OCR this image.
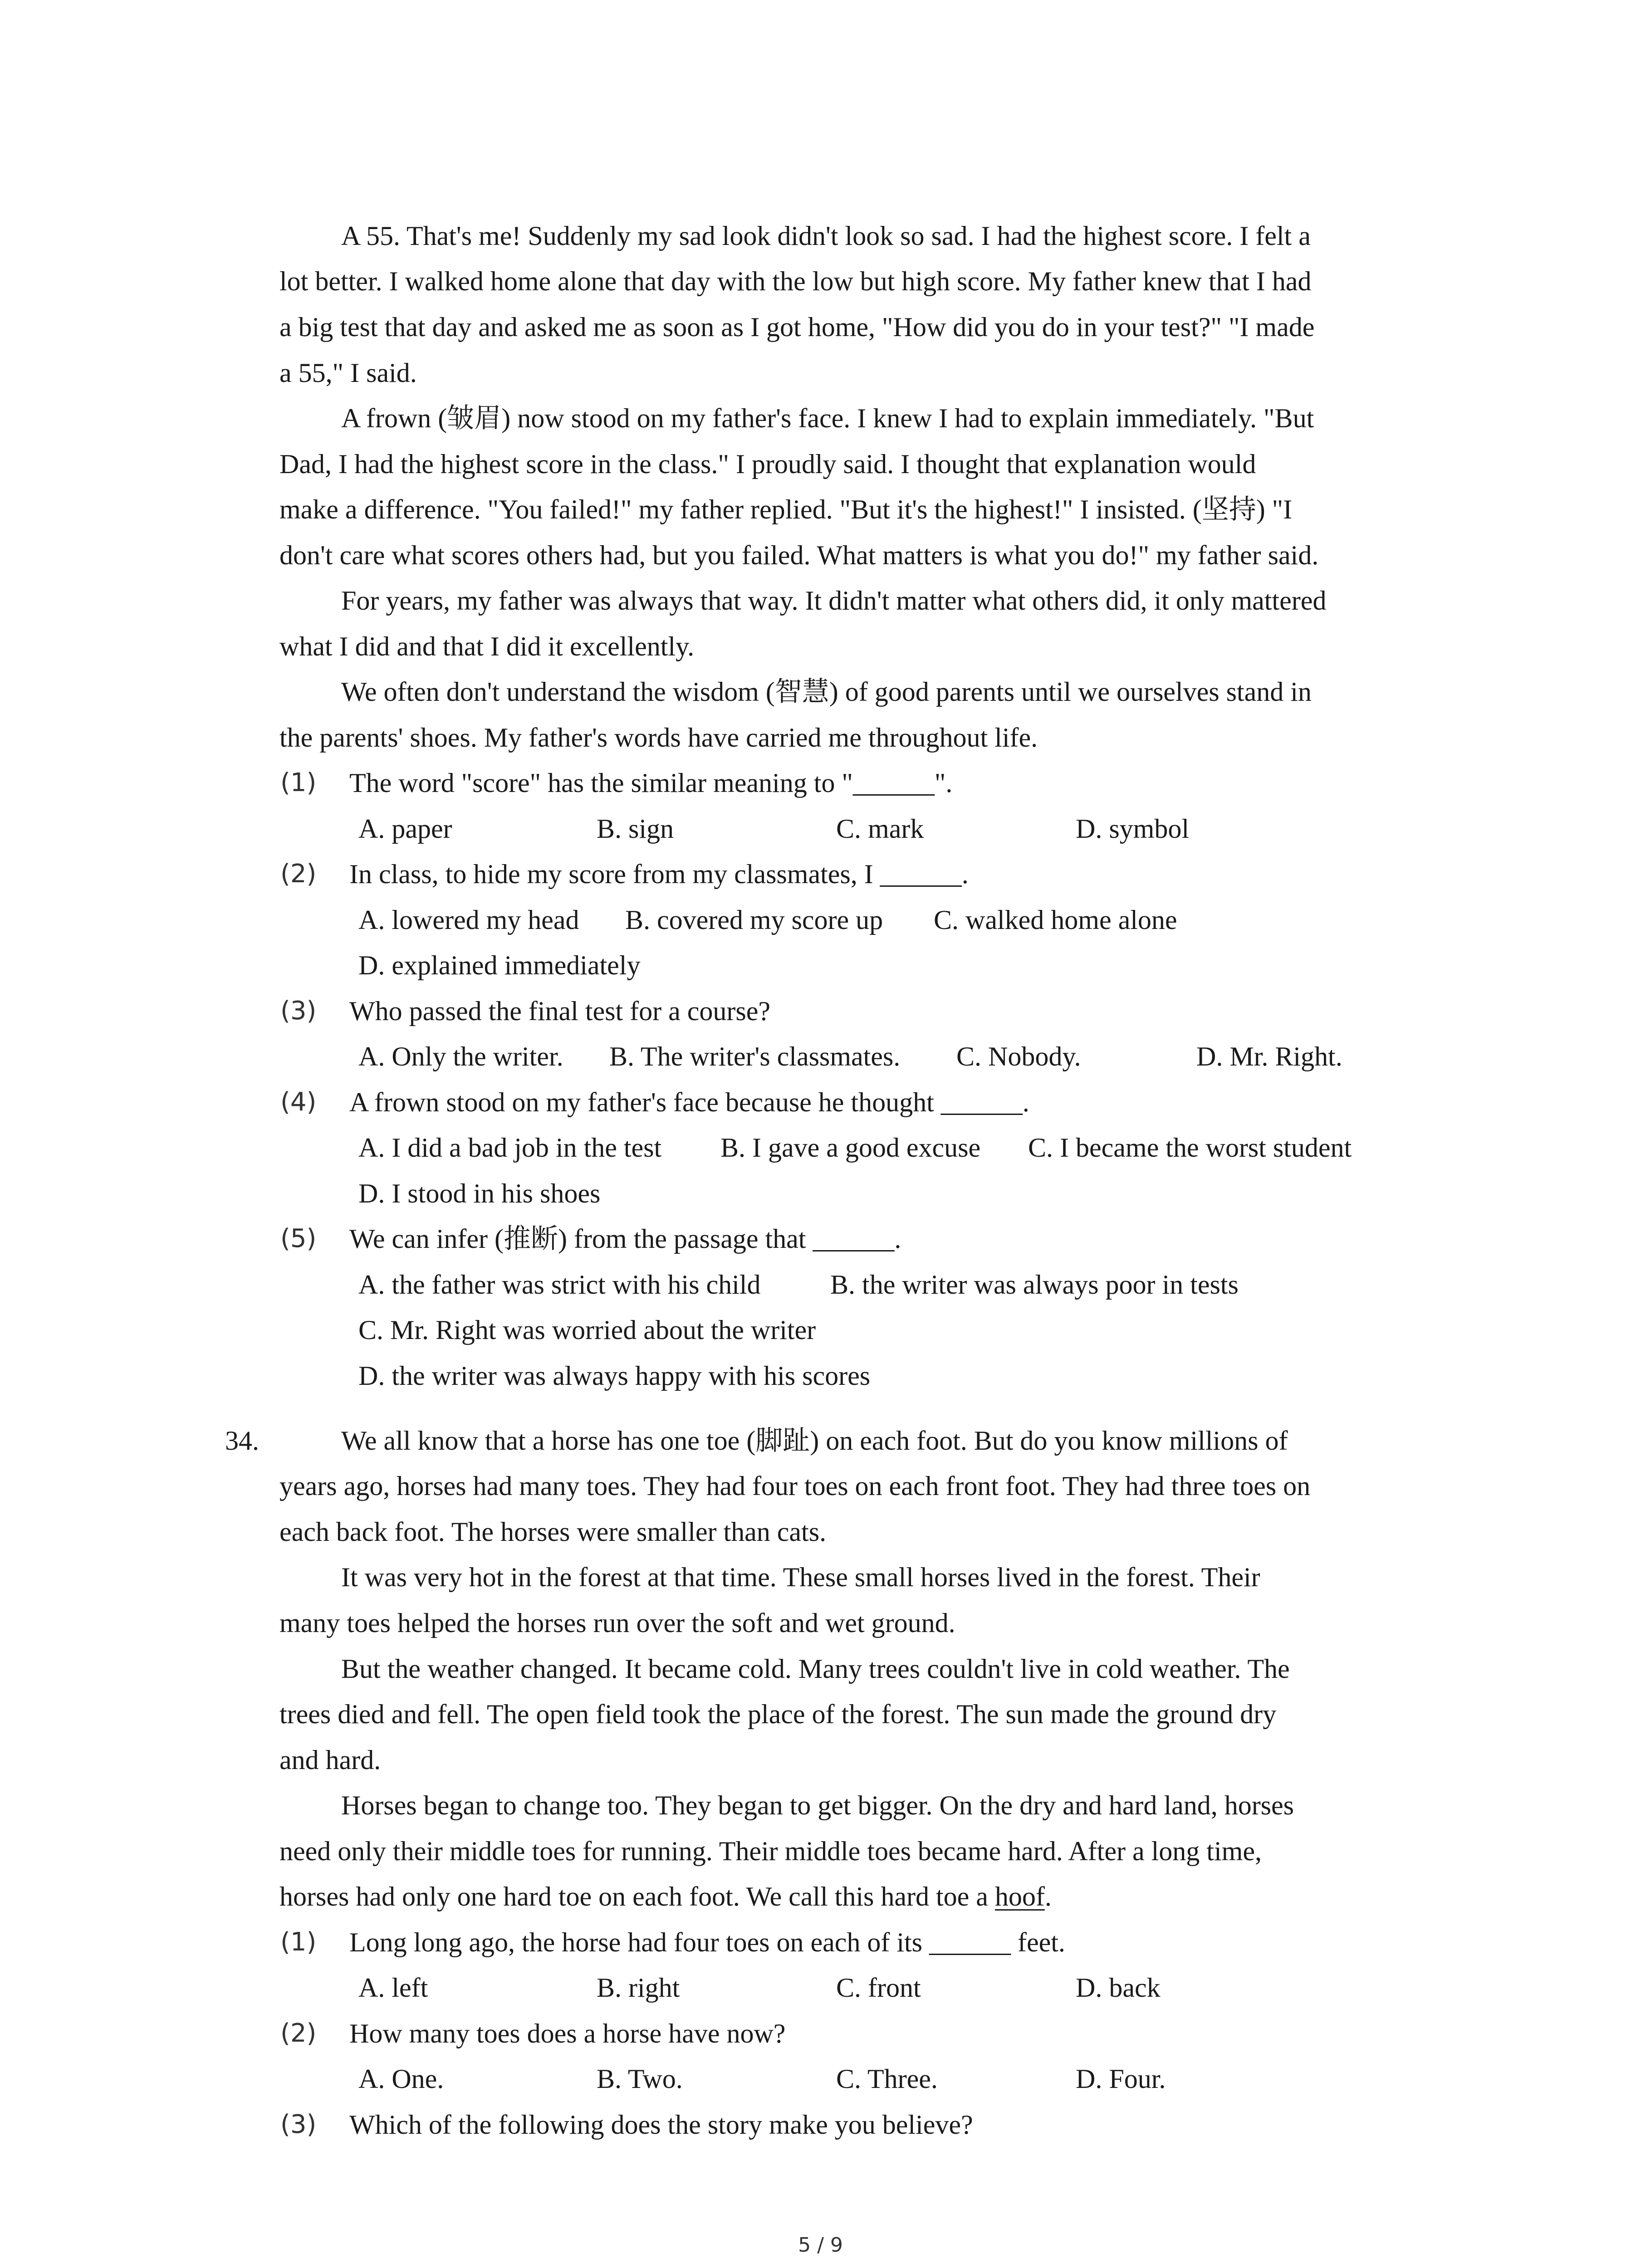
A 55. That's me! Suddenly my sad look didn't look so sad. I had the highest score. I felt a
lot better. I walked home alone that day with the low but high score. My father knew that I had
a big test that day and asked me as soon as I got home, "How did you do in your test?" "I made
a 55," I said.
A frown (皱眉) now stood on my father's face. I knew I had to explain immediately. "But
Dad, I had the highest score in the class." I proudly said. I thought that explanation would
make a difference. "You failed!" my father replied. "But it's the highest!" I insisted. (坚持) "I
don't care what scores others had, but you failed. What matters is what you do!" my father said.
For years, my father was always that way. It didn't matter what others did, it only mattered
what I did and that I did it excellently.
We often don't understand the wisdom (智慧) of good parents until we ourselves stand in
the parents' shoes. My father's words have carried me throughout life.
(1) The word "score" has the similar meaning to "______".
A. paper	B. sign	C. mark	D. symbol
(2) In class, to hide my score from my classmates, I ______.
A. lowered my head B. covered my score up C. walked home alone
D. explained immediately
(3) Who passed the final test for a course?
A. Only the writer. B. The writer's classmates. C. Nobody.	D. Mr. Right.
(4) A frown stood on my father's face because he thought ______.
A. I did a bad job in the test B. I gave a good excuse C. I became the worst student
D. I stood in his shoes
(5) We can infer (推断) from the passage that ______.
A. the father was strict with his child	B. the writer was always poor in tests
C. Mr. Right was worried about the writer
D. the writer was always happy with his scores
34.	We all know that a horse has one toe (脚趾) on each foot. But do you know millions of
years ago, horses had many toes. They had four toes on each front foot. They had three toes on
each back foot. The horses were smaller than cats.
It was very hot in the forest at that time. These small horses lived in the forest. Their
many toes helped the horses run over the soft and wet ground.
But the weather changed. It became cold. Many trees couldn't live in cold weather. The
trees died and fell. The open field took the place of the forest. The sun made the ground dry
and hard.
Horses began to change too. They began to get bigger. On the dry and hard land, horses
need only their middle toes for running. Their middle toes became hard. After a long time,
horses had only one hard toe on each foot. We call this hard toe a hoof.
(1) Long long ago, the horse had four toes on each of its ______ feet.
A. left	B. right	C. front	D. back
(2) How many toes does a horse have now?
A. One.	B. Two.	C. Three.	D. Four.
(3) Which of the following does the story make you believe?
5 / 9
